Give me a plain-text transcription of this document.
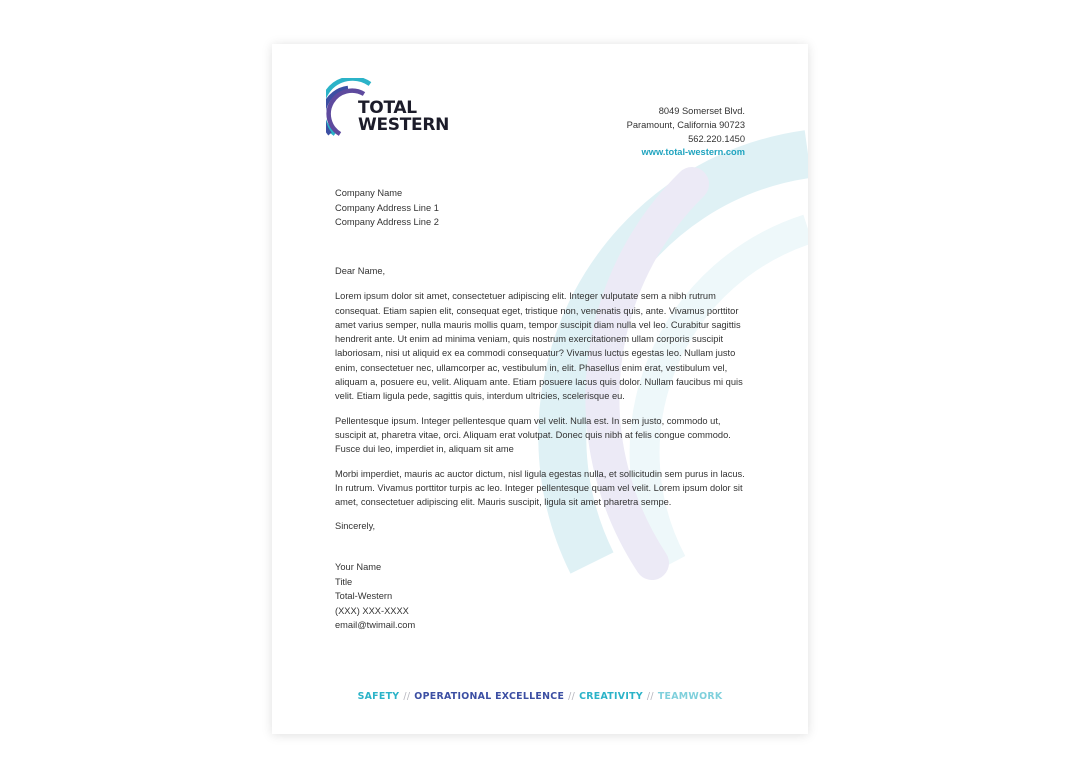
TOTAL
WESTERN
8049 Somerset Blvd.
Paramount, California 90723
562.220.1450
www.total-western.com
Company Name
Company Address Line 1
Company Address Line 2

Dear Name,

Lorem ipsum dolor sit amet, consectetuer adipiscing elit. Integer vulputate sem a nibh rutrum consequat. Etiam sapien elit, consequat eget, tristique non, venenatis quis, ante. Vivamus porttitor amet varius semper, nulla mauris mollis quam, tempor suscipit diam nulla vel leo. Curabitur sagittis hendrerit ante. Ut enim ad minima veniam, quis nostrum exercitationem ullam corporis suscipit laboriosam, nisi ut aliquid ex ea commodi consequatur? Vivamus luctus egestas leo. Nullam justo enim, consectetuer nec, ullamcorper ac, vestibulum in, elit. Phasellus enim erat, vestibulum vel, aliquam a, posuere eu, velit. Aliquam ante. Etiam posuere lacus quis dolor. Nullam faucibus mi quis velit. Etiam ligula pede, sagittis quis, interdum ultricies, scelerisque eu.

Pellentesque ipsum. Integer pellentesque quam vel velit. Nulla est. In sem justo, commodo ut, suscipit at, pharetra vitae, orci. Aliquam erat volutpat. Donec quis nibh at felis congue commodo. Fusce dui leo, imperdiet in, aliquam sit ame

Morbi imperdiet, mauris ac auctor dictum, nisl ligula egestas nulla, et sollicitudin sem purus in lacus. In rutrum. Vivamus porttitor turpis ac leo. Integer pellentesque quam vel velit. Lorem ipsum dolor sit amet, consectetuer adipiscing elit. Mauris suscipit, ligula sit amet pharetra sempe.

Sincerely,

Your Name
Title
Total-Western
(XXX) XXX-XXXX
email@twimail.com
SAFETY // OPERATIONAL EXCELLENCE // CREATIVITY // TEAMWORK
